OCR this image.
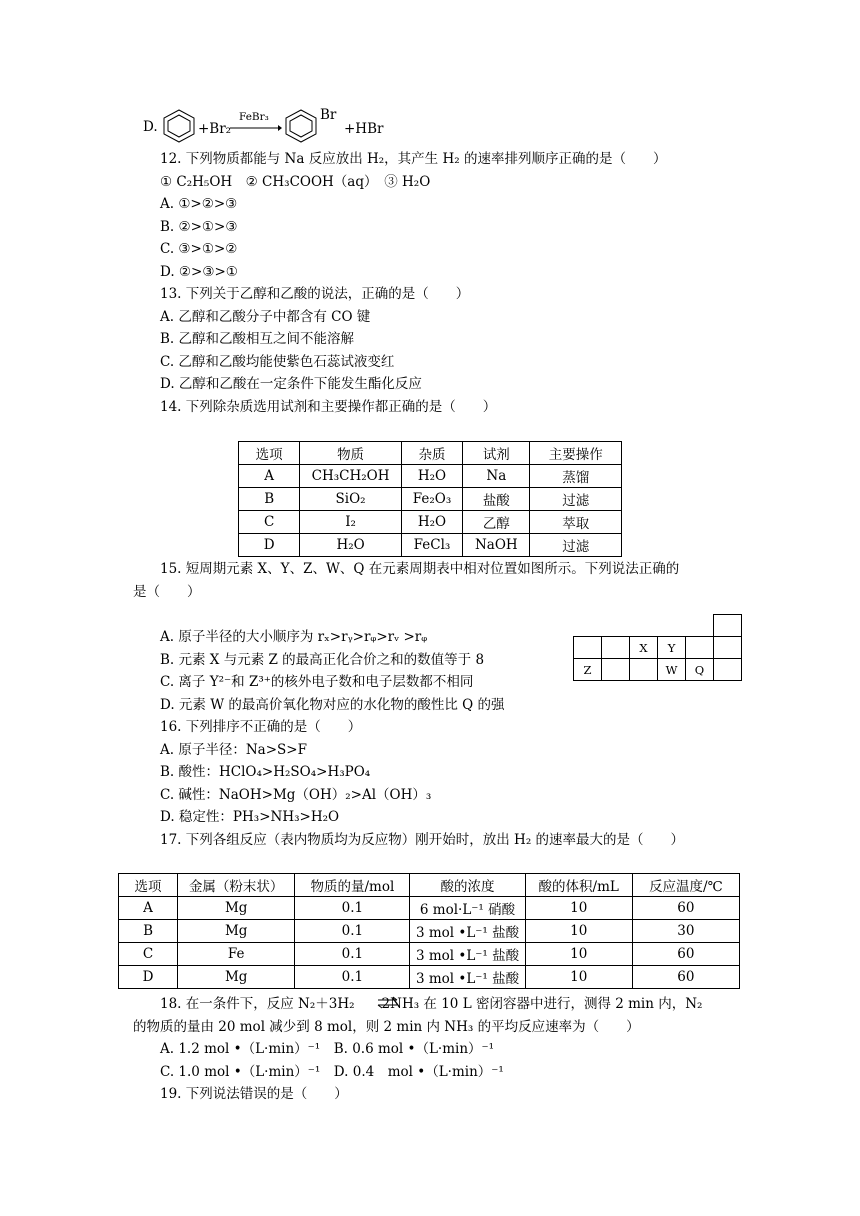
D.	+Br₂
FeBr₃	Br
+HBr
12. 下列物质都能与 Na 反应放出 H₂，其产生 H₂ 的速率排列顺序正确的是（　　）
① C₂H₅OH　② CH₃COOH（aq）　③ H₂O
A. ①>②>③
B. ②>①>③
C. ③>①>②
D. ②>③>①
13. 下列关于乙醇和乙酸的说法，正确的是（　　）
A. 乙醇和乙酸分子中都含有 CO 键
B. 乙醇和乙酸相互之间不能溶解
C. 乙醇和乙酸均能使紫色石蕊试液变红
D. 乙醇和乙酸在一定条件下能发生酯化反应
14. 下列除杂质选用试剂和主要操作都正确的是（　　）
选项	物质	杂质	试剂	主要操作
A	CH₃CH₂OH	H₂O	Na	蒸馏
B	SiO₂	Fe₂O₃	盐酸	过滤
C	I₂	H₂O	乙醇	萃取
D	H₂O	FeCl₃	NaOH	过滤
15. 短周期元素 X、Y、Z、W、Q 在元素周期表中相对位置如图所示。下列说法正确的
是（　　）
A. 原子半径的大小顺序为 rₓ>rᵧ>rᵩ>rᵥ >rᵩ
B. 元素 X 与元素 Z 的最高正化合价之和的数值等于 8
C. 离子 Y²⁻和 Z³⁺的核外电子数和电子层数都不相同
D. 元素 W 的最高价氧化物对应的水化物的酸性比 Q 的强

		X	Y		
Z			W	Q	
16. 下列排序不正确的是（　　）
A. 原子半径：Na>S>F
B. 酸性：HClO₄>H₂SO₄>H₃PO₄
C. 碱性：NaOH>Mg（OH）₂>Al（OH）₃
D. 稳定性：PH₃>NH₃>H₂O
17. 下列各组反应（表内物质均为反应物）刚开始时，放出 H₂ 的速率最大的是（　　）
选项	金属（粉末状）	物质的量/mol	酸的浓度	酸的体积/mL	反应温度/℃
A	Mg	0.1	6 mol·L⁻¹ 硝酸	10	60
B	Mg	0.1	3 mol •L⁻¹ 盐酸	10	30
C	Fe	0.1	3 mol •L⁻¹ 盐酸	10	60
D	Mg	0.1	3 mol •L⁻¹ 盐酸	10	60
18. 在一条件下，反应 N₂＋3H₂　　2NH₃ 在 10 L 密闭容器中进行，测得 2 min 内，N₂
的物质的量由 20 mol 减少到 8 mol，则 2 min 内 NH₃ 的平均反应速率为（　　）
A. 1.2 mol •（L·min）⁻¹　B. 0.6 mol •（L·min）⁻¹
C. 1.0 mol •（L·min）⁻¹　D. 0.4　mol •（L·min）⁻¹
19. 下列说法错误的是（　　）
